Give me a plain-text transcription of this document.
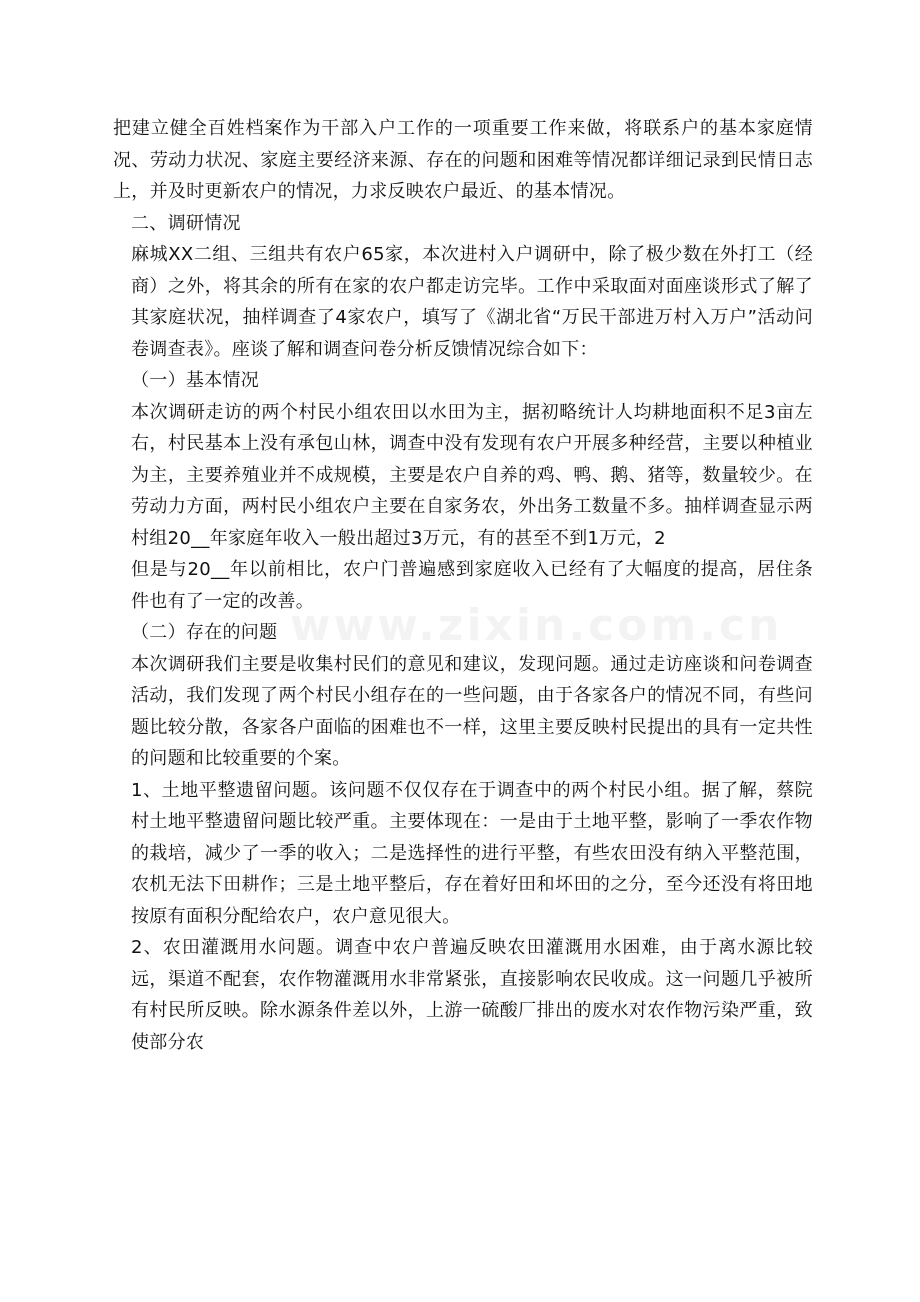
把建立健全百姓档案作为干部入户工作的一项重要工作来做，将联系户的基本家庭情况、劳动力状况、家庭主要经济来源、存在的问题和困难等情况都详细记录到民情日志上，并及时更新农户的情况，力求反映农户最近、的基本情况。

二、调研情况

麻城XX二组、三组共有农户65家，本次进村入户调研中，除了极少数在外打工（经商）之外，将其余的所有在家的农户都走访完毕。工作中采取面对面座谈形式了解了其家庭状况，抽样调查了4家农户，填写了《湖北省“万民干部进万村入万户”活动问卷调查表》。座谈了解和调查问卷分析反馈情况综合如下：

（一）基本情况

本次调研走访的两个村民小组农田以水田为主，据初略统计人均耕地面积不足3亩左右，村民基本上没有承包山林，调查中没有发现有农户开展多种经营，主要以种植业为主，主要养殖业并不成规模，主要是农户自养的鸡、鸭、鹅、猪等，数量较少。在劳动力方面，两村民小组农户主要在自家务农，外出务工数量不多。抽样调查显示两村组20__年家庭年收入一般出超过3万元，有的甚至不到1万元，2

但是与20__年以前相比，农户门普遍感到家庭收入已经有了大幅度的提高，居住条件也有了一定的改善。

（二）存在的问题

本次调研我们主要是收集村民们的意见和建议，发现问题。通过走访座谈和问卷调查活动，我们发现了两个村民小组存在的一些问题，由于各家各户的情况不同，有些问题比较分散，各家各户面临的困难也不一样，这里主要反映村民提出的具有一定共性的问题和比较重要的个案。

1、土地平整遗留问题。该问题不仅仅存在于调查中的两个村民小组。据了解，蔡院村土地平整遗留问题比较严重。主要体现在：一是由于土地平整，影响了一季农作物的栽培，减少了一季的收入；二是选择性的进行平整，有些农田没有纳入平整范围，农机无法下田耕作；三是土地平整后，存在着好田和坏田的之分，至今还没有将田地按原有面积分配给农户，农户意见很大。

2、农田灌溉用水问题。调查中农户普遍反映农田灌溉用水困难，由于离水源比较远，渠道不配套，农作物灌溉用水非常紧张，直接影响农民收成。这一问题几乎被所有村民所反映。除水源条件差以外，上游一硫酸厂排出的废水对农作物污染严重，致使部分农
